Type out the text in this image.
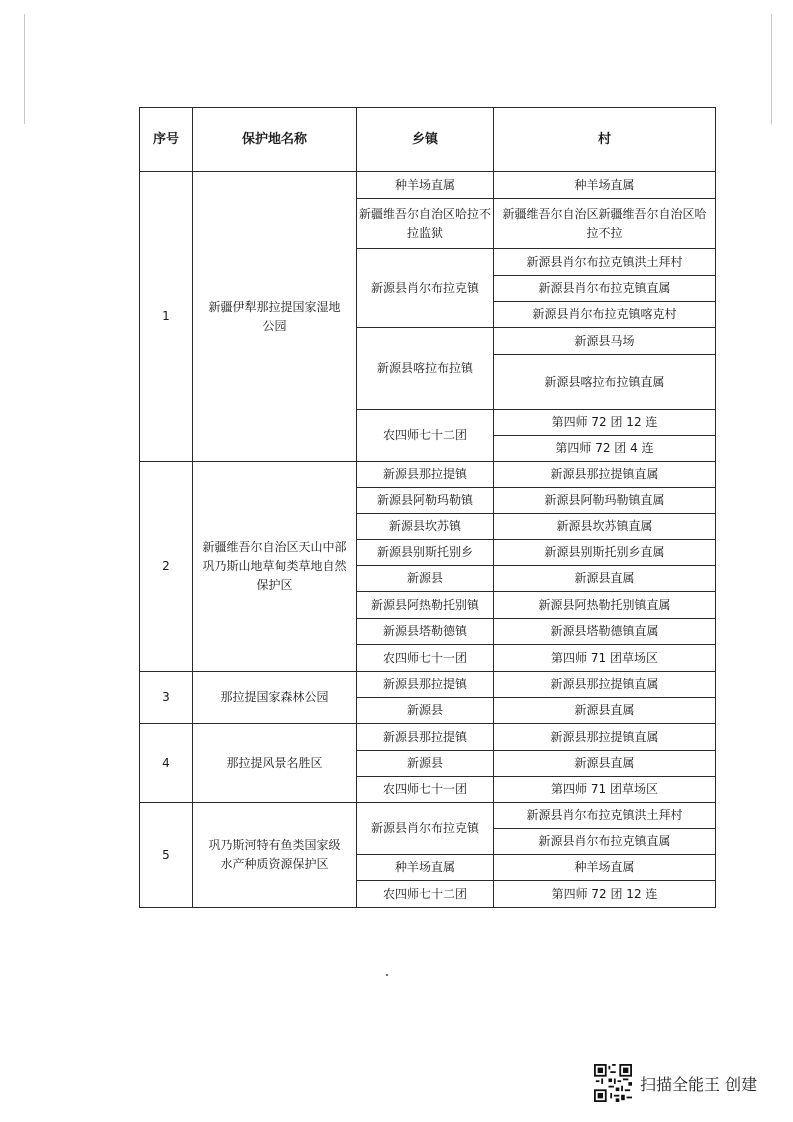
序号	保护地名称	乡镇	村
1	新疆伊犁那拉提国家湿地公园	种羊场直属	种羊场直属
		新疆维吾尔自治区哈拉不拉监狱	新疆维吾尔自治区新疆维吾尔自治区哈拉不拉
		新源县肖尔布拉克镇	新源县肖尔布拉克镇洪土拜村
			新源县肖尔布拉克镇直属
			新源县肖尔布拉克镇喀克村
		新源县喀拉布拉镇	新源县马场
			新源县喀拉布拉镇直属
		农四师七十二团	第四师 72 团 12 连
			第四师 72 团 4 连
2	新疆维吾尔自治区天山中部巩乃斯山地草甸类草地自然保护区	新源县那拉提镇	新源县那拉提镇直属
		新源县阿勒玛勒镇	新源县阿勒玛勒镇直属
		新源县坎苏镇	新源县坎苏镇直属
		新源县别斯托别乡	新源县别斯托别乡直属
		新源县	新源县直属
		新源县阿热勒托别镇	新源县阿热勒托别镇直属
		新源县塔勒德镇	新源县塔勒德镇直属
		农四师七十一团	第四师 71 团草场区
3	那拉提国家森林公园	新源县那拉提镇	新源县那拉提镇直属
		新源县	新源县直属
4	那拉提风景名胜区	新源县那拉提镇	新源县那拉提镇直属
		新源县	新源县直属
		农四师七十一团	第四师 71 团草场区
5	巩乃斯河特有鱼类国家级水产种质资源保护区	新源县肖尔布拉克镇	新源县肖尔布拉克镇洪土拜村
			新源县肖尔布拉克镇直属
		种羊场直属	种羊场直属
		农四师七十二团	第四师 72 团 12 连
扫描全能王 创建
